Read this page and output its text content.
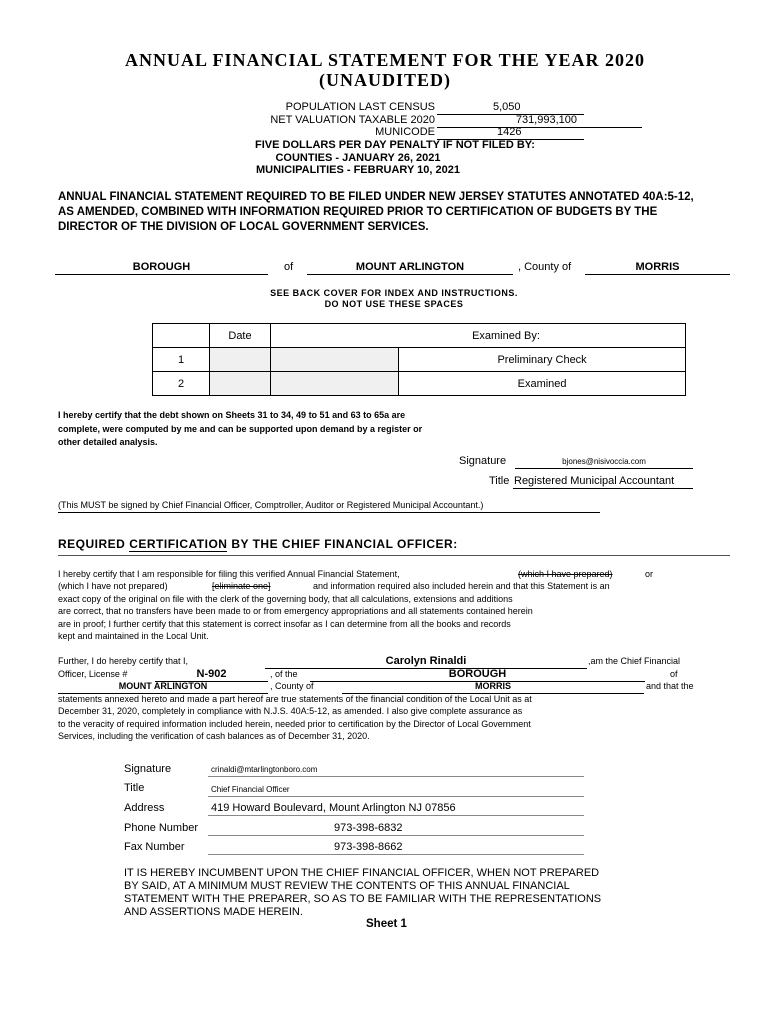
ANNUAL FINANCIAL STATEMENT FOR THE YEAR 2020
(UNAUDITED)
POPULATION LAST CENSUS	5,050
NET VALUATION TAXABLE 2020	731,993,100
MUNICODE	1426
FIVE DOLLARS PER DAY PENALTY IF NOT FILED BY:
COUNTIES - JANUARY 26, 2021
MUNICIPALITIES - FEBRUARY 10, 2021
ANNUAL FINANCIAL STATEMENT REQUIRED TO BE FILED UNDER NEW JERSEY STATUTES ANNOTATED 40A:5-12, AS AMENDED, COMBINED WITH INFORMATION REQUIRED PRIOR TO CERTIFICATION OF BUDGETS BY THE DIRECTOR OF THE DIVISION OF LOCAL GOVERNMENT SERVICES.
BOROUGH	of	MOUNT ARLINGTON	, County of	MORRIS
SEE BACK COVER FOR INDEX AND INSTRUCTIONS.
DO NOT USE THESE SPACES
	Date	Examined By:	
1			Preliminary Check
2			Examined
I hereby certify that the debt shown on Sheets 31 to 34, 49 to 51 and 63 to 65a are
complete, were computed by me and can be supported upon demand by a register or
other detailed analysis.
Signature	bjones@nisivoccia.com
Title Registered Municipal Accountant
(This MUST be signed by Chief Financial Officer, Comptroller, Auditor or Registered Municipal Accountant.)
REQUIRED CERTIFICATION BY THE CHIEF FINANCIAL OFFICER:
I hereby certify that I am responsible for filing this verified Annual Financial Statement,	(which I have prepared)	or
(which I have not prepared)	[eliminate one]	and information required also included herein and that this Statement is an
exact copy of the original on file with the clerk of the governing body, that all calculations, extensions and additions
are correct, that no transfers have been made to or from emergency appropriations and all statements contained herein
are in proof; I further certify that this statement is correct insofar as I can determine from all the books and records
kept and maintained in the Local Unit.
Further, I do hereby certify that I,	Carolyn Rinaldi	,am the Chief Financial
Officer, License #	N-902	, of the	BOROUGH	of
MOUNT ARLINGTON	, County of	MORRIS	and that the
statements annexed hereto and made a part hereof are true statements of the financial condition of the Local Unit as at
December 31, 2020, completely in compliance with N.J.S. 40A:5-12, as amended. I also give complete assurance as
to the veracity of required information included herein, needed prior to certification by the Director of Local Government
Services, including the verification of cash balances as of December 31, 2020.
Signature	crinaldi@mtarlingtonboro.com
Title	Chief Financial Officer
Address	419 Howard Boulevard, Mount Arlington NJ 07856
Phone Number	973-398-6832
Fax Number	973-398-8662
IT IS HEREBY INCUMBENT UPON THE CHIEF FINANCIAL OFFICER, WHEN NOT PREPARED
BY SAID, AT A MINIMUM MUST REVIEW THE CONTENTS OF THIS ANNUAL FINANCIAL
STATEMENT WITH THE PREPARER, SO AS TO BE FAMILIAR WITH THE REPRESENTATIONS
AND ASSERTIONS MADE HEREIN.
Sheet 1
